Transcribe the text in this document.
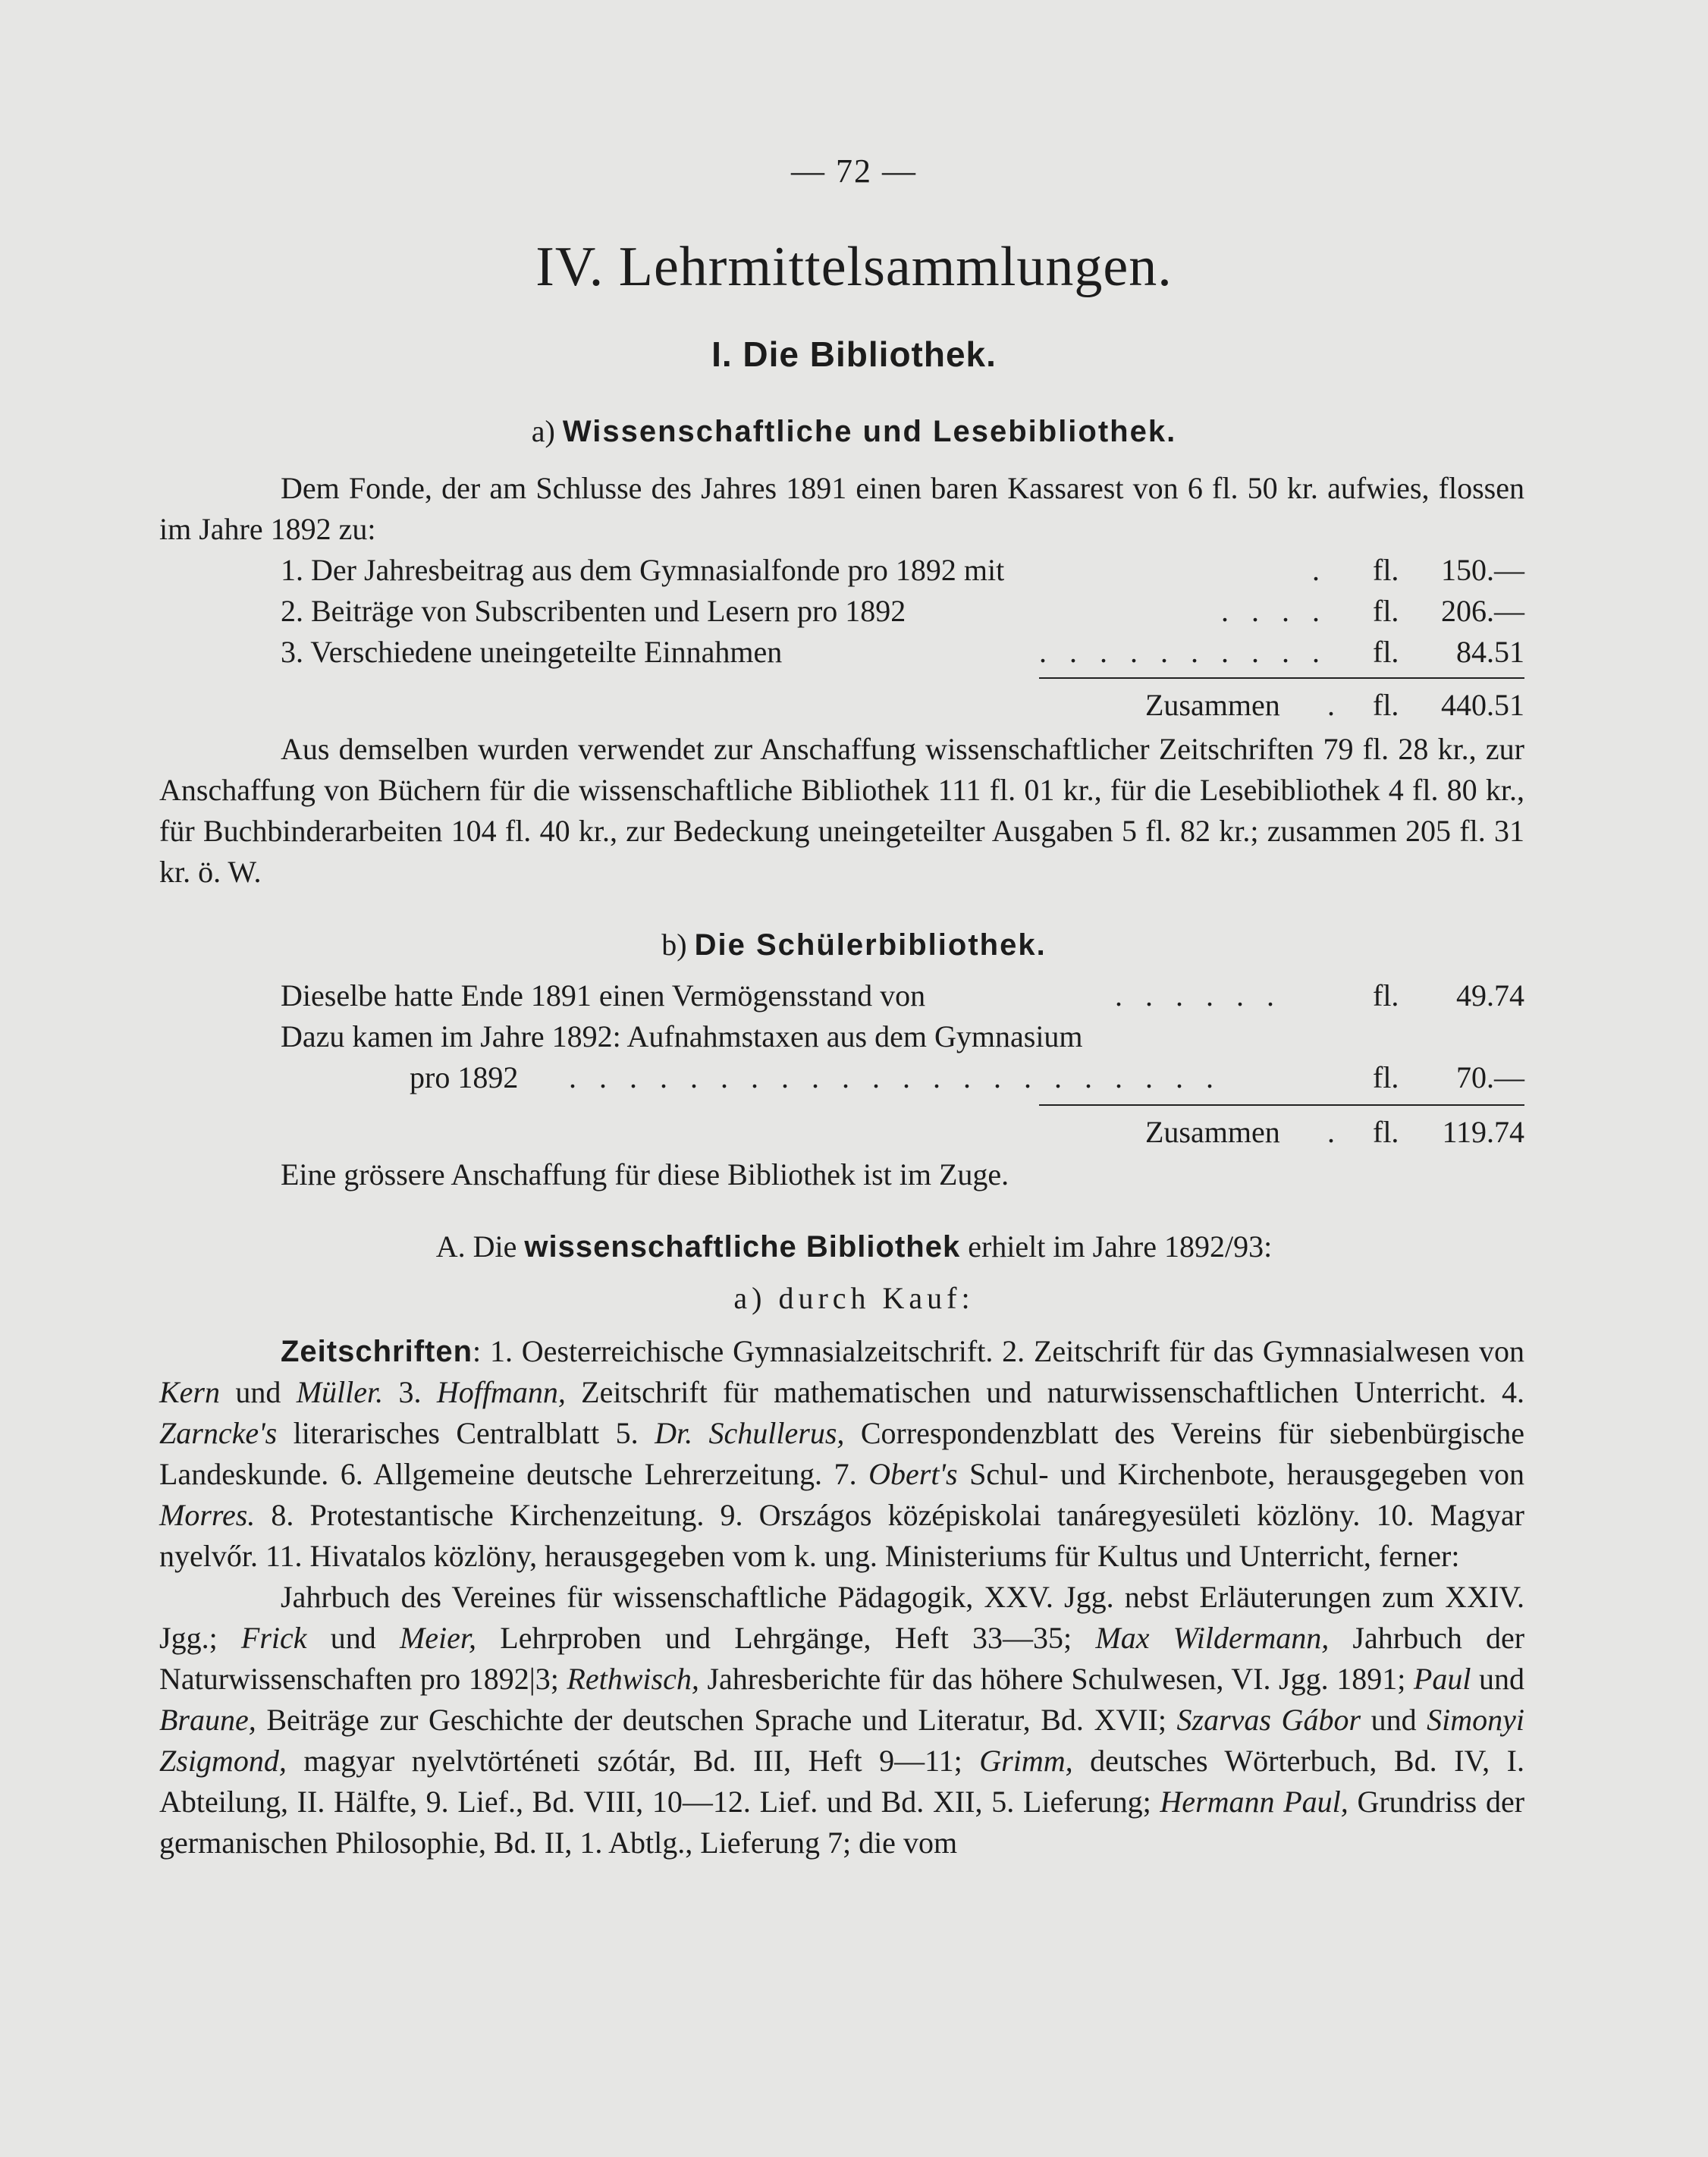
— 72 —
IV. Lehrmittelsammlungen.
I. Die Bibliothek.
a) Wissenschaftliche und Lesebibliothek.
Dem Fonde, der am Schlusse des Jahres 1891 einen baren Kassarest von 6 fl. 50 kr. aufwies, flossen im Jahre 1892 zu:
1. Der Jahresbeitrag aus dem Gymnasialfonde pro 1892 mit	. fl. 150.—
2. Beiträge von Subscribenten und Lesern pro 1892	. . . . fl. 206.—
3. Verschiedene uneingeteilte Einnahmen	. . . . . . . . . . fl. 84.51
Zusammen . fl. 440.51
Aus demselben wurden verwendet zur Anschaffung wissenschaftlicher Zeitschriften 79 fl. 28 kr., zur Anschaffung von Büchern für die wissenschaftliche Bibliothek 111 fl. 01 kr., für die Lesebibliothek 4 fl. 80 kr., für Buchbinderarbeiten 104 fl. 40 kr., zur Bedeckung uneingeteilter Ausgaben 5 fl. 82 kr.; zusammen 205 fl. 31 kr. ö. W.
b) Die Schülerbibliothek.
Dieselbe hatte Ende 1891 einen Vermögensstand von	. . . . . .	fl. 49.74
Dazu kamen im Jahre 1892: Aufnahmstaxen aus dem Gymnasium
pro 1892 . . . . . . . . . . . . . . . . . . . . . .	fl. 70.—
Zusammen . fl. 119.74
Eine grössere Anschaffung für diese Bibliothek ist im Zuge.
A. Die wissenschaftliche Bibliothek erhielt im Jahre 1892/93:
a) durch Kauf:

Zeitschriften: 1. Oesterreichische Gymnasialzeitschrift. 2. Zeitschrift für das Gymnasialwesen von Kern und Müller. 3. Hoffmann, Zeitschrift für mathematischen und naturwissenschaftlichen Unterricht. 4. Zarncke's literarisches Centralblatt 5. Dr. Schullerus, Correspondenzblatt des Vereins für siebenbürgische Landeskunde. 6. Allgemeine deutsche Lehrerzeitung. 7. Obert's Schul- und Kirchenbote, herausgegeben von Morres. 8. Protestantische Kirchenzeitung. 9. Országos középiskolai tanáregyesületi közlöny. 10. Magyar nyelvőr. 11. Hivatalos közlöny, herausgegeben vom k. ung. Ministeriums für Kultus und Unterricht, ferner:

Jahrbuch des Vereines für wissenschaftliche Pädagogik, XXV. Jgg. nebst Erläuterungen zum XXIV. Jgg.; Frick und Meier, Lehrproben und Lehrgänge, Heft 33—35; Max Wildermann, Jahrbuch der Naturwissenschaften pro 1892|3; Rethwisch, Jahresberichte für das höhere Schulwesen, VI. Jgg. 1891; Paul und Braune, Beiträge zur Geschichte der deutschen Sprache und Literatur, Bd. XVII; Szarvas Gábor und Simonyi Zsigmond, magyar nyelvtörténeti szótár, Bd. III, Heft 9—11; Grimm, deutsches Wörterbuch, Bd. IV, I. Abteilung, II. Hälfte, 9. Lief., Bd. VIII, 10—12. Lief. und Bd. XII, 5. Lieferung; Hermann Paul, Grundriss der germanischen Philosophie, Bd. II, 1. Abtlg., Lieferung 7; die vom
